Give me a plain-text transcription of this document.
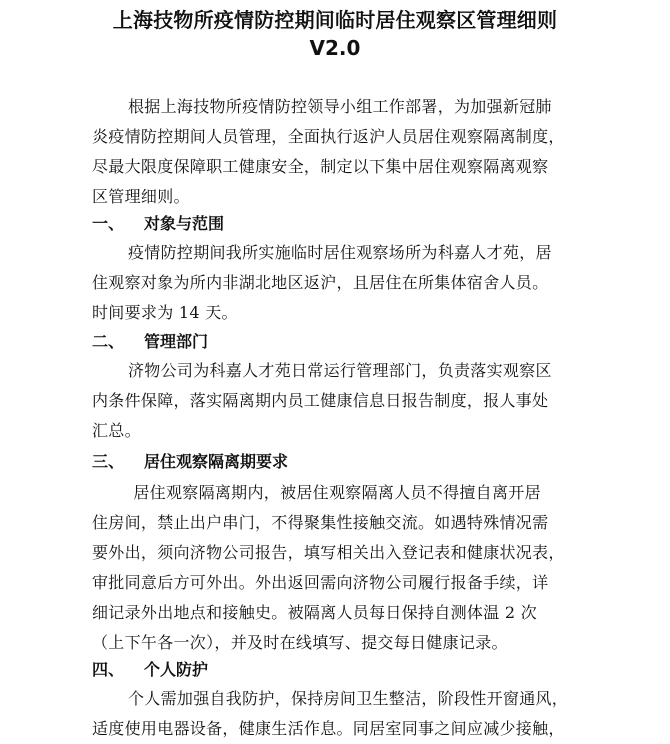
上海技物所疫情防控期间临时居住观察区管理细则
V2.0
根据上海技物所疫情防控领导小组工作部署，为加强新冠肺
炎疫情防控期间人员管理，全面执行返沪人员居住观察隔离制度，
尽最大限度保障职工健康安全，制定以下集中居住观察隔离观察
区管理细则。
一、 对象与范围
疫情防控期间我所实施临时居住观察场所为科嘉人才苑，居
住观察对象为所内非湖北地区返沪，且居住在所集体宿舍人员。
时间要求为 14 天。
二、 管理部门
济物公司为科嘉人才苑日常运行管理部门，负责落实观察区
内条件保障，落实隔离期内员工健康信息日报告制度，报人事处
汇总。
三、 居住观察隔离期要求
居住观察隔离期内，被居住观察隔离人员不得擅自离开居
住房间，禁止出户串门，不得聚集性接触交流。如遇特殊情况需
要外出，须向济物公司报告，填写相关出入登记表和健康状况表，
审批同意后方可外出。外出返回需向济物公司履行报备手续，详
细记录外出地点和接触史。被隔离人员每日保持自测体温 2 次
（上下午各一次），并及时在线填写、提交每日健康记录。
四、 个人防护
个人需加强自我防护，保持房间卫生整洁，阶段性开窗通风，
适度使用电器设备，健康生活作息。同居室同事之间应减少接触，
